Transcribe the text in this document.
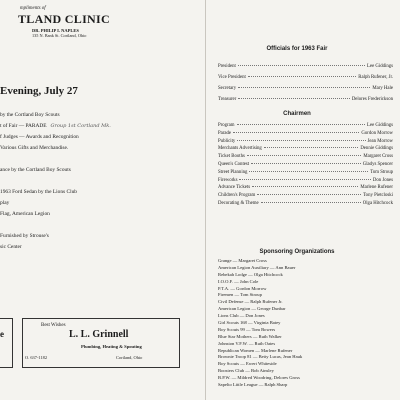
mpliments of
TLAND CLINIC
DR. PHILIP I. NAPLES
135 N. Bank St. Cortland, Ohio
Evening, July 27
by the Cortland Boy Scouts
t of Fair — PARADE Group 1st Cortland Mk.
f Judges — Awards and Recognition
Various Gifts and Merchandise.
ance by the Cortland Boy Scouts
1963 Ford Sedan by the Lions Club
play
Flag, American Legion
Furnished by Strouse's
sic Center
e
Best Wishes
L. L. Grinnell
Plumbing, Heating & Spouting
O. 637-1182	Cortland, Ohio
Officials for 1963 Fair
President	Lee Giddings
Vice President	Ralph Rufener, Jr.
Secretary	Mary Hale
Treasurer	Delores Frederickson
Chairmen
Program	Lee Giddings
Parade	Gordon Morrow
Publicity	Jean Morrow
Merchants Advertising	Dennie Giddings
Ticket Booths	Margaret Cross
Queen's Contest	Gladys Spencer
Street Planning	Tom Stroup
Fireworks	Don Jones
Advance Tickets	Marlene Rufener
Children's Program	Tony Pietcloski
Decorating & Theme	Olga Hitchcock
Sponsoring Organizations
Grange — Margaret Cross
American Legion Auxiliary — Ann Bauer
Rebekah Lodge — Olga Hitchcock
I.O.O.F. — John Cole
P.T.A. — Gordon Morrow
Firemen — Tom Stroup
Civil Defense — Ralph Rufener Jr.
American Legion — George Dunbar
Lions Club — Don Jones
Girl Scouts 168 — Virginia Batey
Boy Scouts 99 — Tom Bowers
Blue Star Mothers — Ruth Walker
Johnston V.F.W. — Ruth Oates
Republican Women — Marlene Rufener
Brownie Troop 81 — Betty Lucas, Jean Hauk
Boy Scouts — Ewert Whiteside
Boosters Club — Bob Ainsley
B.P.W. — Mildred Woodring, Delores Gross
Sapelto Little League — Ralph Sharp
